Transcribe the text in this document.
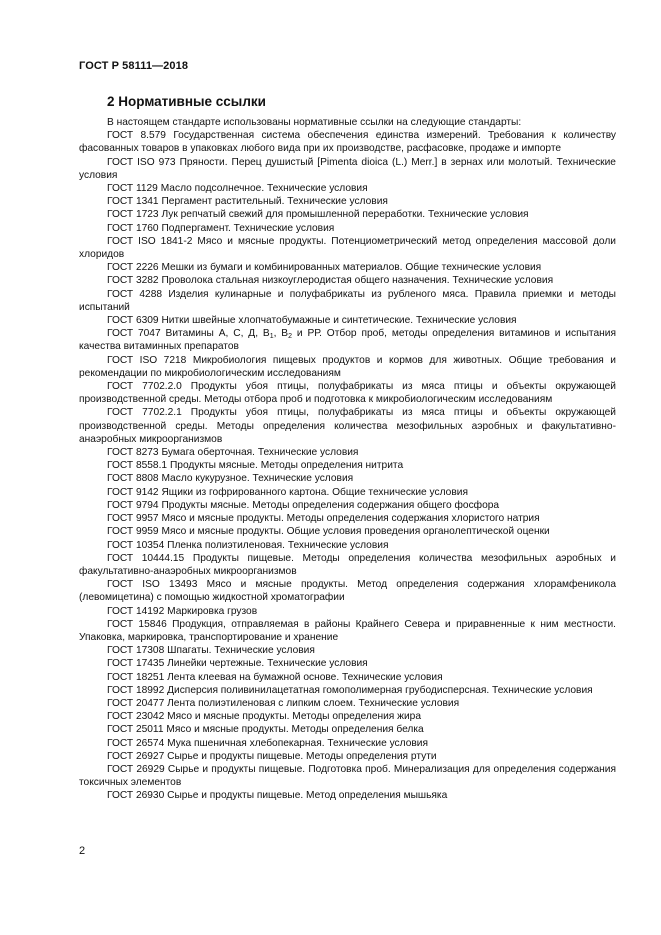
ГОСТ Р 58111—2018
2 Нормативные ссылки

В настоящем стандарте использованы нормативные ссылки на следующие стандарты:

ГОСТ 8.579 Государственная система обеспечения единства измерений. Требования к количеству фасованных товаров в упаковках любого вида при их производстве, расфасовке, продаже и импорте

ГОСТ ISO 973 Пряности. Перец душистый [Pimenta dioica (L.) Merr.] в зернах или молотый. Технические условия

ГОСТ 1129 Масло подсолнечное. Технические условия

ГОСТ 1341 Пергамент растительный. Технические условия

ГОСТ 1723 Лук репчатый свежий для промышленной переработки. Технические условия

ГОСТ 1760 Подпергамент. Технические условия

ГОСТ ISO 1841-2 Мясо и мясные продукты. Потенциометрический метод определения массовой доли хлоридов

ГОСТ 2226 Мешки из бумаги и комбинированных материалов. Общие технические условия

ГОСТ 3282 Проволока стальная низкоуглеродистая общего назначения. Технические условия

ГОСТ 4288 Изделия кулинарные и полуфабрикаты из рубленого мяса. Правила приемки и методы испытаний

ГОСТ 6309 Нитки швейные хлопчатобумажные и синтетические. Технические условия

ГОСТ 7047 Витамины А, С, Д, $В_1$, $В_2$ и РР. Отбор проб, методы определения витаминов и испытания качества витаминных препаратов

ГОСТ ISO 7218 Микробиология пищевых продуктов и кормов для животных. Общие требования и рекомендации по микробиологическим исследованиям

ГОСТ 7702.2.0 Продукты убоя птицы, полуфабрикаты из мяса птицы и объекты окружающей производственной среды. Методы отбора проб и подготовка к микробиологическим исследованиям

ГОСТ 7702.2.1 Продукты убоя птицы, полуфабрикаты из мяса птицы и объекты окружающей производственной среды. Методы определения количества мезофильных аэробных и факультативно-анаэробных микроорганизмов

ГОСТ 8273 Бумага оберточная. Технические условия

ГОСТ 8558.1 Продукты мясные. Методы определения нитрита

ГОСТ 8808 Масло кукурузное. Технические условия

ГОСТ 9142 Ящики из гофрированного картона. Общие технические условия

ГОСТ 9794 Продукты мясные. Методы определения содержания общего фосфора

ГОСТ 9957 Мясо и мясные продукты. Методы определения содержания хлористого натрия

ГОСТ 9959 Мясо и мясные продукты. Общие условия проведения органолептической оценки

ГОСТ 10354 Пленка полиэтиленовая. Технические условия

ГОСТ 10444.15 Продукты пищевые. Методы определения количества мезофильных аэробных и факультативно-анаэробных микроорганизмов

ГОСТ ISO 13493 Мясо и мясные продукты. Метод определения содержания хлорамфеникола (левомицетина) с помощью жидкостной хроматографии

ГОСТ 14192 Маркировка грузов

ГОСТ 15846 Продукция, отправляемая в районы Крайнего Севера и приравненные к ним местности. Упаковка, маркировка, транспортирование и хранение

ГОСТ 17308 Шпагаты. Технические условия

ГОСТ 17435 Линейки чертежные. Технические условия

ГОСТ 18251 Лента клеевая на бумажной основе. Технические условия

ГОСТ 18992 Дисперсия поливинилацетатная гомополимерная грубодисперсная. Технические условия

ГОСТ 20477 Лента полиэтиленовая с липким слоем. Технические условия

ГОСТ 23042 Мясо и мясные продукты. Методы определения жира

ГОСТ 25011 Мясо и мясные продукты. Методы определения белка

ГОСТ 26574 Мука пшеничная хлебопекарная. Технические условия

ГОСТ 26927 Сырье и продукты пищевые. Методы определения ртути

ГОСТ 26929 Сырье и продукты пищевые. Подготовка проб. Минерализация для определения содержания токсичных элементов

ГОСТ 26930 Сырье и продукты пищевые. Метод определения мышьяка

2
